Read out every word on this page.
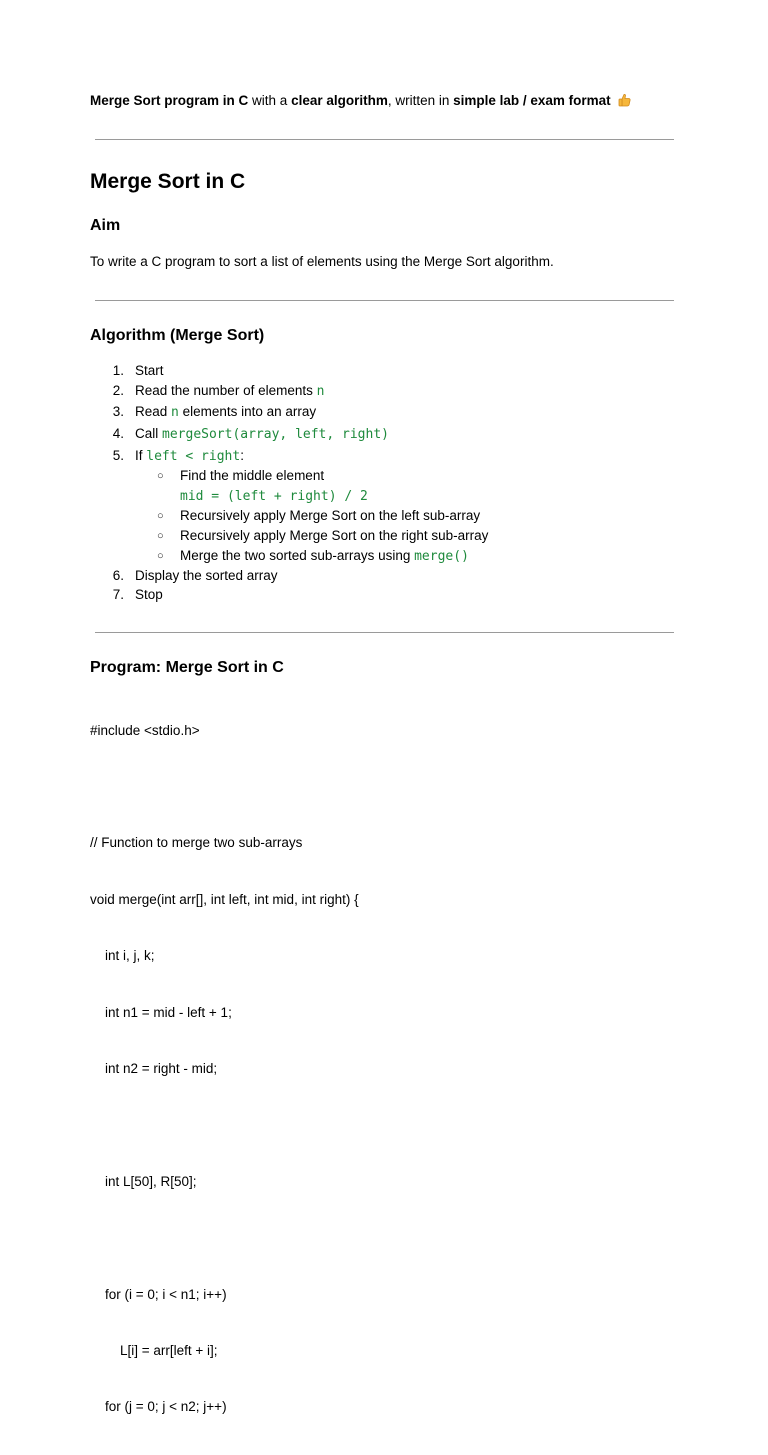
Merge Sort program in C with a clear algorithm, written in simple lab / exam format
Merge Sort in C
Aim
To write a C program to sort a list of elements using the Merge Sort algorithm.
Algorithm (Merge Sort)
1. Start
2. Read the number of elements n
3. Read n elements into an array
4. Call mergeSort(array, left, right)
5. If left < right:
○ Find the middle element
mid = (left + right) / 2
○ Recursively apply Merge Sort on the left sub-array
○ Recursively apply Merge Sort on the right sub-array
○ Merge the two sorted sub-arrays using merge()
6. Display the sorted array
7. Stop
Program: Merge Sort in C

#include <stdio.h>

// Function to merge two sub-arrays

void merge(int arr[], int left, int mid, int right) {

int i, j, k;

int n1 = mid - left + 1;

int n2 = right - mid;

int L[50], R[50];

for (i = 0; i < n1; i++)

L[i] = arr[left + i];

for (j = 0; j < n2; j++)
